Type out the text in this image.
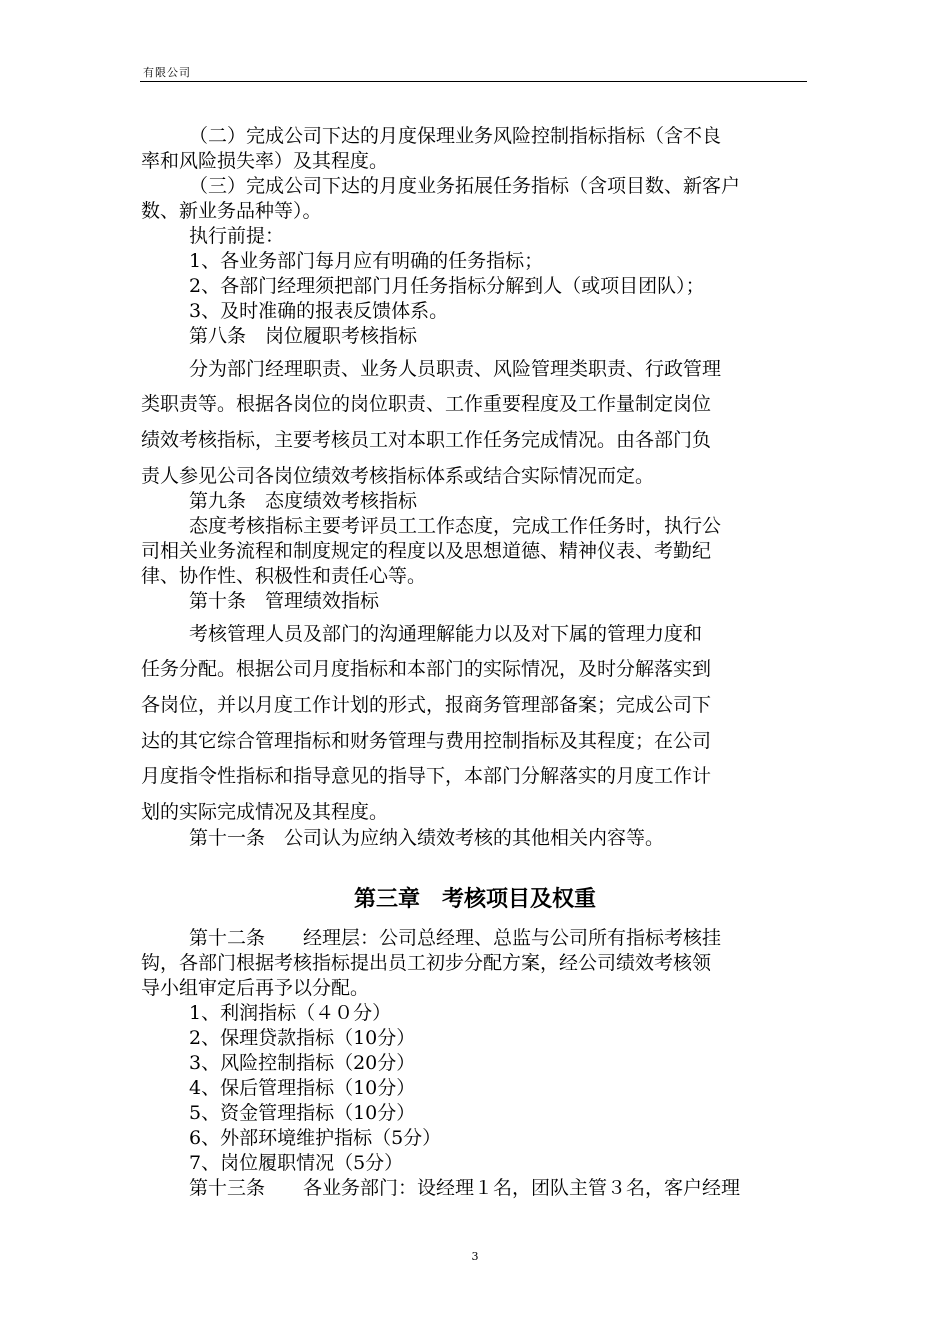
有限公司
（二）完成公司下达的月度保理业务风险控制指标指标（含不良
率和风险损失率）及其程度。
（三）完成公司下达的月度业务拓展任务指标（含项目数、新客户
数、新业务品种等）。
执行前提：
1、各业务部门每月应有明确的任务指标；
2、各部门经理须把部门月任务指标分解到人（或项目团队）；
3、及时准确的报表反馈体系。
第八条　岗位履职考核指标
分为部门经理职责、业务人员职责、风险管理类职责、行政管理
类职责等。根据各岗位的岗位职责、工作重要程度及工作量制定岗位
绩效考核指标，主要考核员工对本职工作任务完成情况。由各部门负
责人参见公司各岗位绩效考核指标体系或结合实际情况而定。
第九条　态度绩效考核指标
态度考核指标主要考评员工工作态度，完成工作任务时，执行公
司相关业务流程和制度规定的程度以及思想道德、精神仪表、考勤纪
律、协作性、积极性和责任心等。
第十条　管理绩效指标
考核管理人员及部门的沟通理解能力以及对下属的管理力度和
任务分配。根据公司月度指标和本部门的实际情况，及时分解落实到
各岗位，并以月度工作计划的形式，报商务管理部备案；完成公司下
达的其它综合管理指标和财务管理与费用控制指标及其程度；在公司
月度指令性指标和指导意见的指导下，本部门分解落实的月度工作计
划的实际完成情况及其程度。
第十一条　公司认为应纳入绩效考核的其他相关内容等。
第三章　考核项目及权重
第十二条　　经理层：公司总经理、总监与公司所有指标考核挂
钩，各部门根据考核指标提出员工初步分配方案，经公司绩效考核领
导小组审定后再予以分配。
1、利润指标（４０分）
2、保理贷款指标（10分）
3、风险控制指标（20分）
4、保后管理指标（10分）
5、资金管理指标（10分）
6、外部环境维护指标（5分）
7、岗位履职情况（5分）
第十三条　　各业务部门：设经理１名，团队主管３名，客户经理
3
